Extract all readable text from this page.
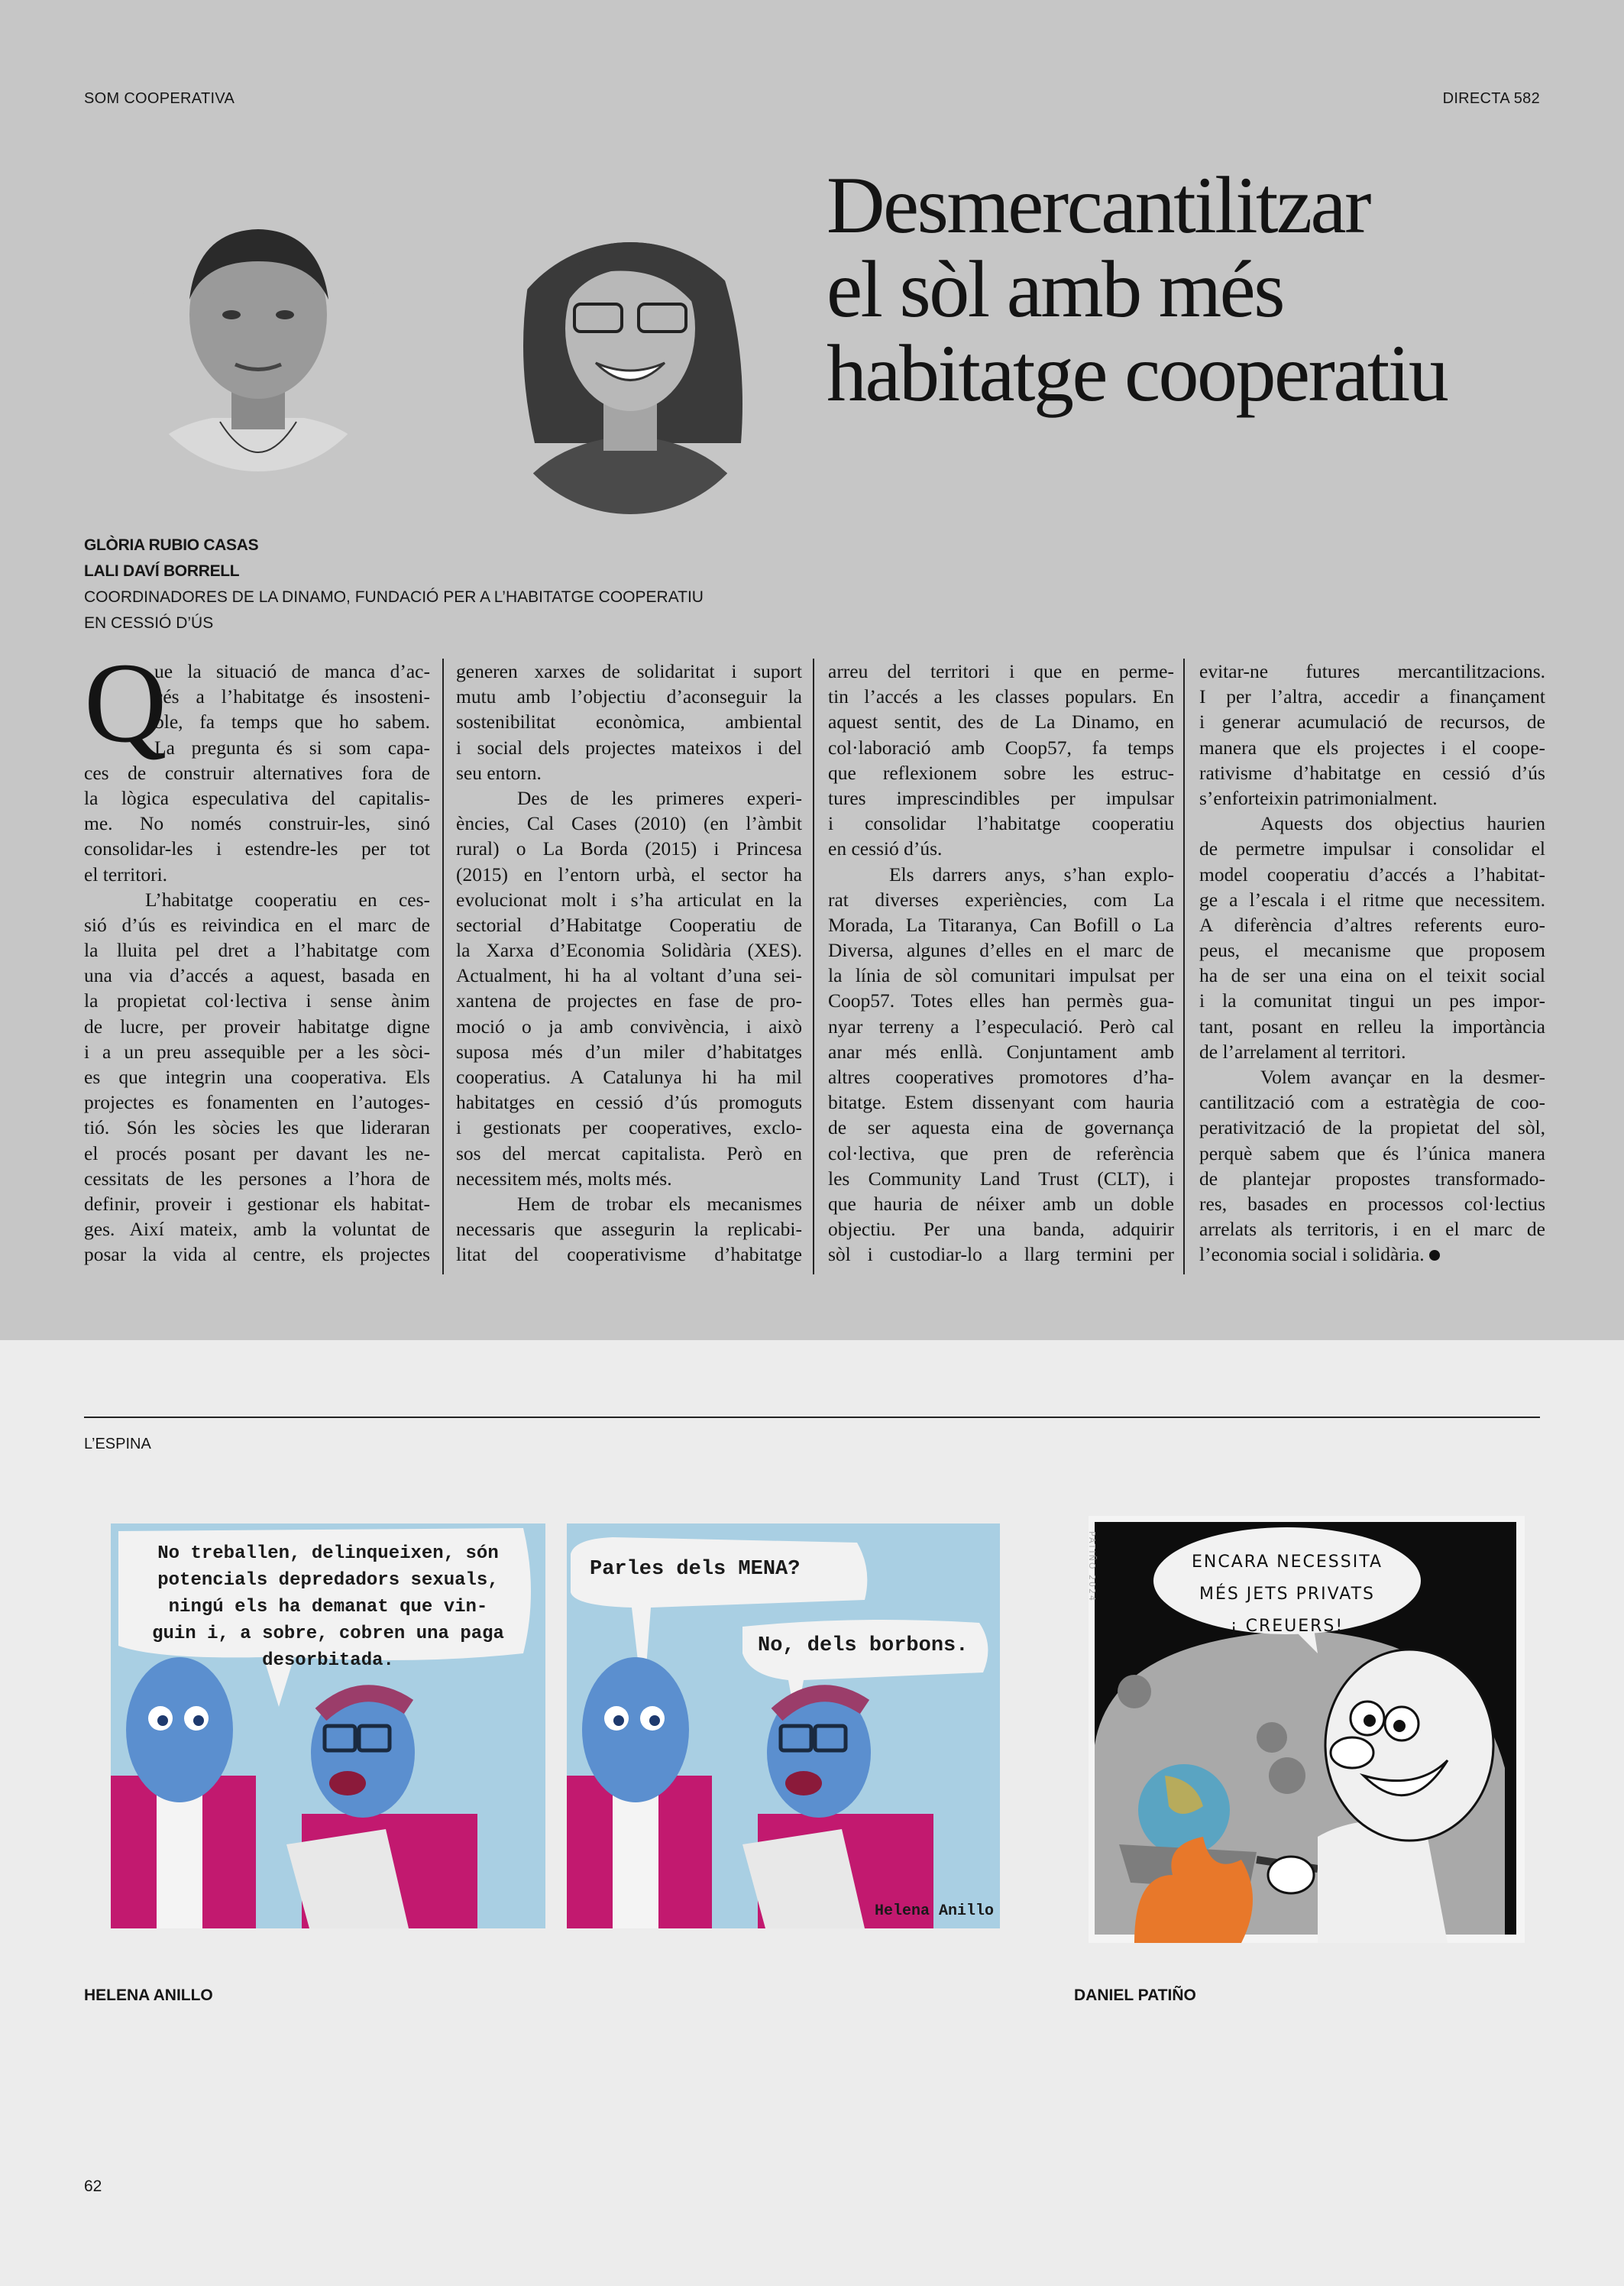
SOM COOPERATIVA	DIRECTA 582
Desmercantilitzar
el sòl amb més
habitatge cooperatiu
GLÒRIA RUBIO CASAS
LALI DAVÍ BORRELL
COORDINADORES DE LA DINAMO, FUNDACIÓ PER A L’HABITATGE COOPERATIU
EN CESSIÓ D’ÚS
Q
ue la situació de manca d’ac-
cés a l’habitatge és insosteni-
ble, fa temps que ho sabem.
La pregunta és si som capa-
ces de construir alternatives fora de
la lògica especulativa del capitalis-
me. No només construir-les, sinó
consolidar-les i estendre-les per tot
el territori.
L’habitatge cooperatiu en ces-
sió d’ús es reivindica en el marc de
la lluita pel dret a l’habitatge com
una via d’accés a aquest, basada en
la propietat col·lectiva i sense ànim
de lucre, per proveir habitatge digne
i a un preu assequible per a les sòci-
es que integrin una cooperativa. Els
projectes es fonamenten en l’autoges-
tió. Són les sòcies les que lideraran
el procés posant per davant les ne-
cessitats de les persones a l’hora de
definir, proveir i gestionar els habitat-
ges. Així mateix, amb la voluntat de
posar la vida al centre, els projectes
generen xarxes de solidaritat i suport
mutu amb l’objectiu d’aconseguir la
sostenibilitat econòmica, ambiental
i social dels projectes mateixos i del
seu entorn.
Des de les primeres experi-
ències, Cal Cases (2010) (en l’àmbit
rural) o La Borda (2015) i Princesa
(2015) en l’entorn urbà, el sector ha
evolucionat molt i s’ha articulat en la
sectorial d’Habitatge Cooperatiu de
la Xarxa d’Economia Solidària (XES).
Actualment, hi ha al voltant d’una sei-
xantena de projectes en fase de pro-
moció o ja amb convivència, i això
suposa més d’un miler d’habitatges
cooperatius. A Catalunya hi ha mil
habitatges en cessió d’ús promoguts
i gestionats per cooperatives, exclo-
sos del mercat capitalista. Però en
necessitem més, molts més.
Hem de trobar els mecanismes
necessaris que assegurin la replicabi-
litat del cooperativisme d’habitatge
arreu del territori i que en perme-
tin l’accés a les classes populars. En
aquest sentit, des de La Dinamo, en
col·laboració amb Coop57, fa temps
que reflexionem sobre les estruc-
tures imprescindibles per impulsar
i consolidar l’habitatge cooperatiu
en cessió d’ús.
Els darrers anys, s’han explo-
rat diverses experiències, com La
Morada, La Titaranya, Can Bofill o La
Diversa, algunes d’elles en el marc de
la línia de sòl comunitari impulsat per
Coop57. Totes elles han permès gua-
nyar terreny a l’especulació. Però cal
anar més enllà. Conjuntament amb
altres cooperatives promotores d’ha-
bitatge. Estem dissenyant com hauria
de ser aquesta eina de governança
col·lectiva, que pren de referència
les Community Land Trust (CLT), i
que hauria de néixer amb un doble
objectiu. Per una banda, adquirir
sòl i custodiar-lo a llarg termini per
evitar-ne futures mercantilitzacions.
I per l’altra, accedir a finançament
i generar acumulació de recursos, de
manera que els projectes i el coope-
rativisme d’habitatge en cessió d’ús
s’enforteixin patrimonialment.
Aquests dos objectius haurien
de permetre impulsar i consolidar el
model cooperatiu d’accés a l’habitat-
ge a l’escala i el ritme que necessitem.
A diferència d’altres referents euro-
peus, el mecanisme que proposem
ha de ser una eina on el teixit social
i la comunitat tingui un pes impor-
tant, posant en relleu la importància
de l’arrelament al territori.
Volem avançar en la desmer-
cantilització com a estratègia de coo-
perativització de la propietat del sòl,
perquè sabem que és l’única manera
de plantejar propostes transformado-
res, basades en processos col·lectius
arrelats als territoris, i en el marc de
l’economia social i solidària.
L’ESPINA
No treballen, delinqueixen, són
potencials depredadors sexuals,
ningú els ha demanat que vin-
guin i, a sobre, cobren una paga
desorbitada.
Parles dels MENA?
No, dels borbons.
Helena Anillo
ENCARA NECESSITA
MÉS JETS PRIVATS
¡ CREUERS!
PATIÑO 2024
HELENA ANILLO	DANIEL PATIÑO
62
